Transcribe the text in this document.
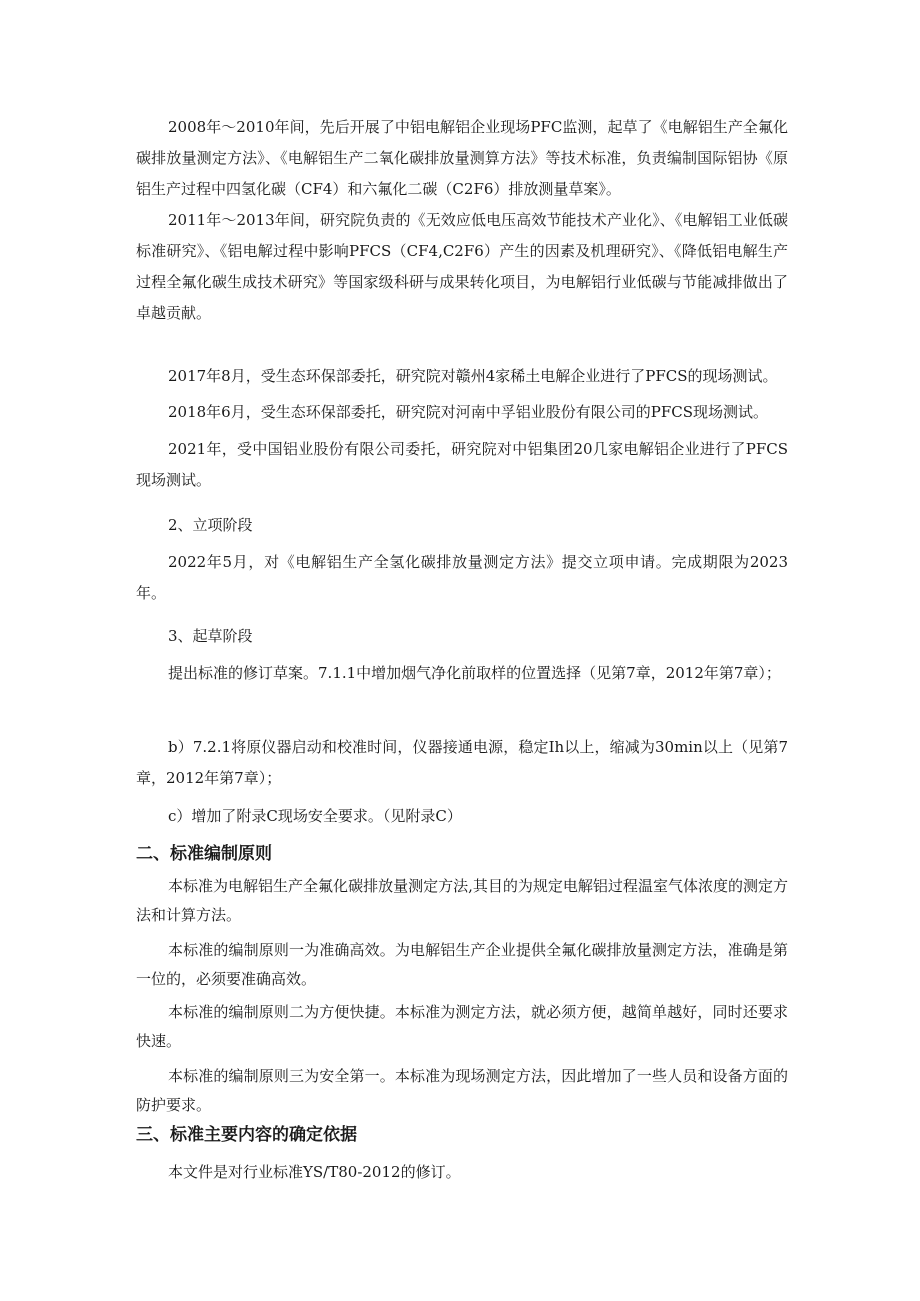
2008年～2010年间，先后开展了中铝电解铝企业现场PFC监测，起草了《电解铝生产全氟化碳排放量测定方法》、《电解铝生产二氧化碳排放量测算方法》等技术标准，负责编制国际铝协《原铝生产过程中四氢化碳（CF4）和六氟化二碳（C2F6）排放测量草案》。

2011年～2013年间，研究院负责的《无效应低电压高效节能技术产业化》、《电解铝工业低碳标准研究》、《铝电解过程中影响PFCS（CF4,C2F6）产生的因素及机理研究》、《降低铝电解生产过程全氟化碳生成技术研究》等国家级科研与成果转化项目，为电解铝行业低碳与节能减排做出了卓越贡献。

2017年8月，受生态环保部委托，研究院对赣州4家稀土电解企业进行了PFCS的现场测试。

2018年6月，受生态环保部委托，研究院对河南中孚铝业股份有限公司的PFCS现场测试。

2021年，受中国铝业股份有限公司委托，研究院对中铝集团20几家电解铝企业进行了PFCS现场测试。

2、立项阶段

2022年5月，对《电解铝生产全氢化碳排放量测定方法》提交立项申请。完成期限为2023年。

3、起草阶段

提出标准的修订草案。7.1.1中增加烟气净化前取样的位置选择（见第7章，2012年第7章）；

b）7.2.1将原仪器启动和校准时间，仪器接通电源，稳定Ih以上，缩减为30min以上（见第7章，2012年第7章）；

c）增加了附录C现场安全要求。（见附录C）

二、标准编制原则

本标准为电解铝生产全氟化碳排放量测定方法,其目的为规定电解铝过程温室气体浓度的测定方法和计算方法。

本标准的编制原则一为准确高效。为电解铝生产企业提供全氟化碳排放量测定方法，准确是第一位的，必须要准确高效。

本标准的编制原则二为方便快捷。本标准为测定方法，就必须方便，越简单越好，同时还要求快速。

本标准的编制原则三为安全第一。本标准为现场测定方法，因此增加了一些人员和设备方面的防护要求。

三、标准主要内容的确定依据

本文件是对行业标准YS/T80-2012的修订。
